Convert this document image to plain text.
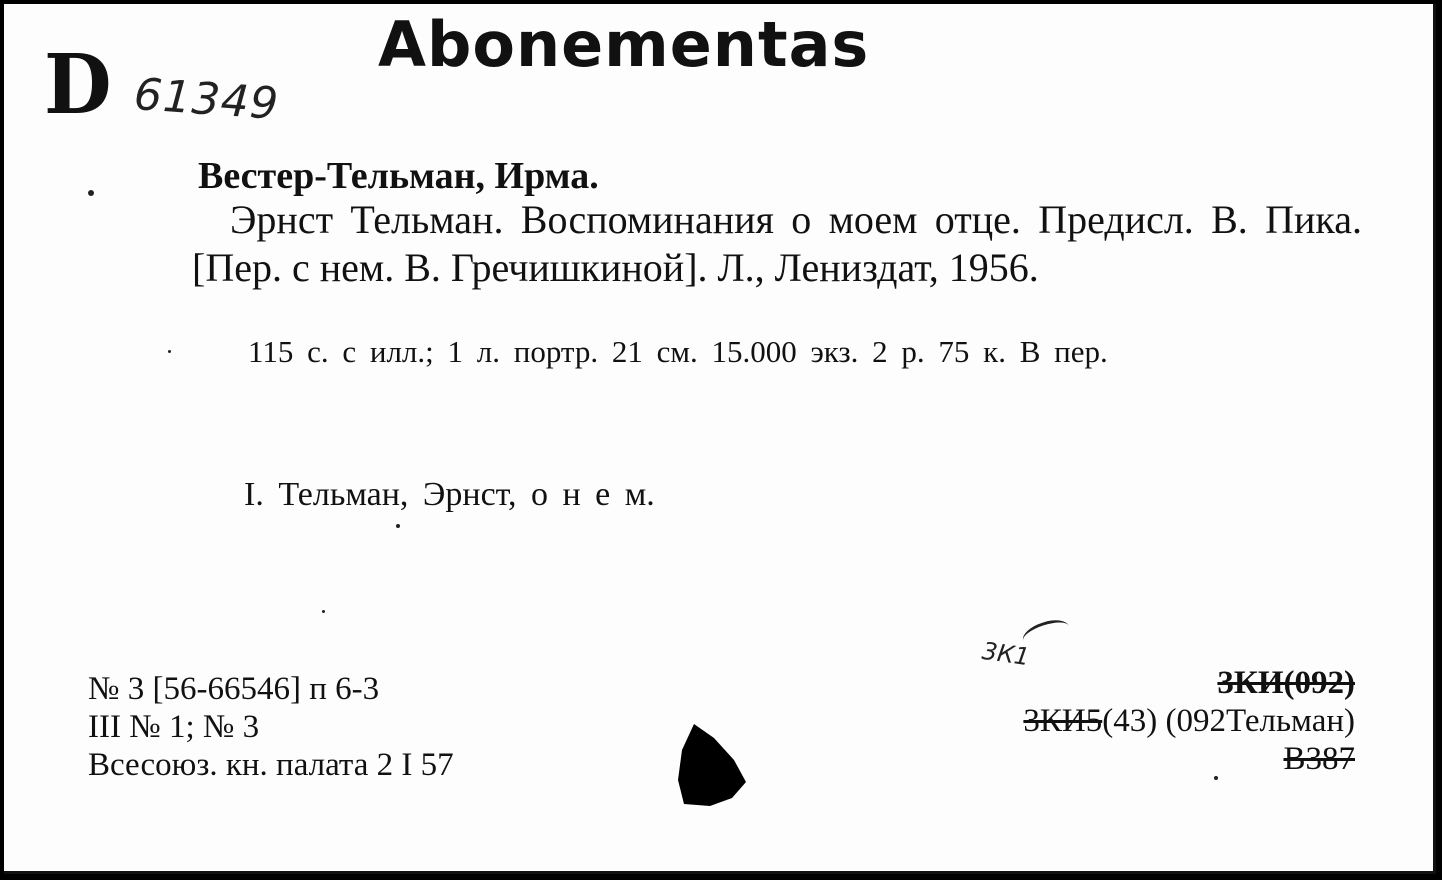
D 61349
Abonementas
Вестер-Тельман, Ирма.
Эрнст Тельман. Воспоминания о моем отце. Предисл. В. Пика. [Пер. с нем. В. Гречишкиной]. Л., Лениздат, 1956.
115 с. с илл.; 1 л. портр. 21 см. 15.000 экз. 2 р. 75 к. В пер.
I. Тельман, Эрнст, о н е м.
№ 3 [56-66546] п 6-3
III № 1; № 3
Всесоюз. кн. палата 2 I 57
3К1
3КИ(092)
3КИ5(43) (092Тельман)
В387
